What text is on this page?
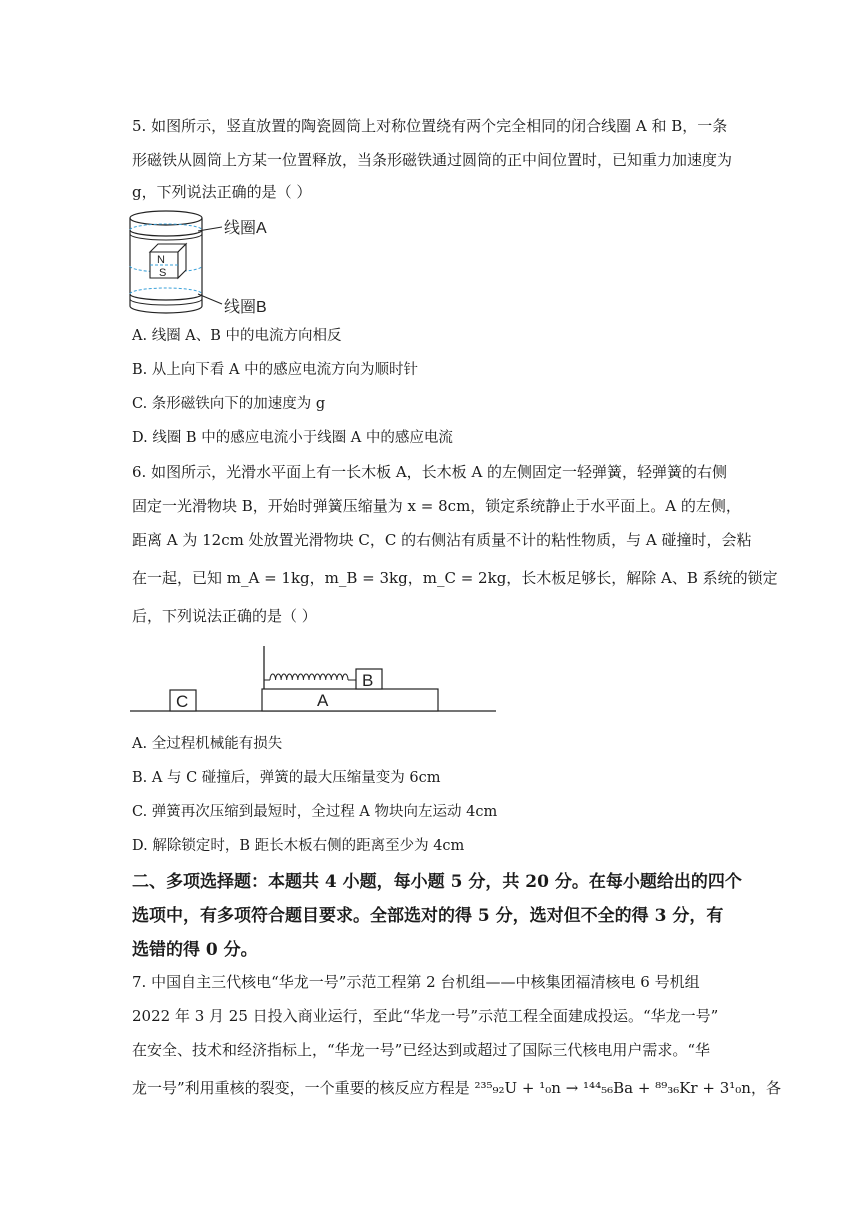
5. 如图所示，竖直放置的陶瓷圆筒上对称位置绕有两个完全相同的闭合线圈 A 和 B，一条
形磁铁从圆筒上方某一位置释放，当条形磁铁通过圆筒的正中间位置时，已知重力加速度为
g，下列说法正确的是（ ）
N
S
线圈A
线圈B
A. 线圈 A、B 中的电流方向相反
B. 从上向下看 A 中的感应电流方向为顺时针
C. 条形磁铁向下的加速度为 g
D. 线圈 B 中的感应电流小于线圈 A 中的感应电流
6. 如图所示，光滑水平面上有一长木板 A，长木板 A 的左侧固定一轻弹簧，轻弹簧的右侧
固定一光滑物块 B，开始时弹簧压缩量为 x = 8cm，锁定系统静止于水平面上。A 的左侧，
距离 A 为 12cm 处放置光滑物块 C，C 的右侧沾有质量不计的粘性物质，与 A 碰撞时，会粘
在一起，已知 m_A = 1kg，m_B = 3kg，m_C = 2kg，长木板足够长，解除 A、B 系统的锁定
后，下列说法正确的是（ ）
C	A
B
A. 全过程机械能有损失
B. A 与 C 碰撞后，弹簧的最大压缩量变为 6cm
C. 弹簧再次压缩到最短时，全过程 A 物块向左运动 4cm
D. 解除锁定时，B 距长木板右侧的距离至少为 4cm
二、多项选择题：本题共 4 小题，每小题 5 分，共 20 分。在每小题给出的四个
选项中，有多项符合题目要求。全部选对的得 5 分，选对但不全的得 3 分，有
选错的得 0 分。
7. 中国自主三代核电“华龙一号”示范工程第 2 台机组——中核集团福清核电 6 号机组
2022 年 3 月 25 日投入商业运行，至此“华龙一号”示范工程全面建成投运。“华龙一号”
在安全、技术和经济指标上，“华龙一号”已经达到或超过了国际三代核电用户需求。“华
龙一号”利用重核的裂变，一个重要的核反应方程是 ²³⁵₉₂U + ¹₀n → ¹⁴⁴₅₆Ba + ⁸⁹₃₆Kr + 3¹₀n，各
